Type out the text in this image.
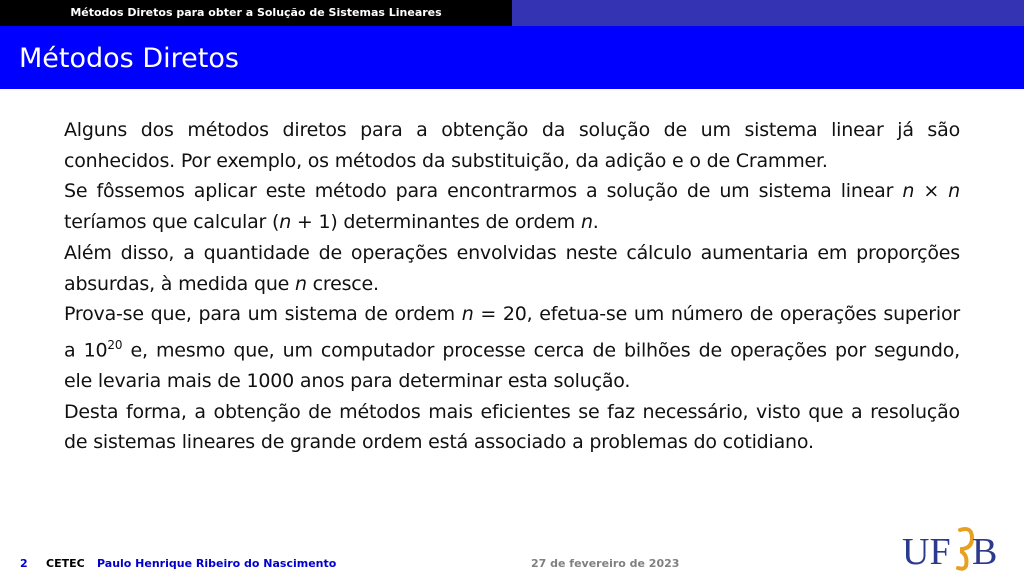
Métodos Diretos para obter a Solução de Sistemas Lineares
Métodos Diretos

Alguns dos métodos diretos para a obtenção da solução de um sistema linear já são conhecidos. Por exemplo, os métodos da substituição, da adição e o de Crammer.

Se fôssemos aplicar este método para encontrarmos a solução de um sistema linear n × n teríamos que calcular (n + 1) determinantes de ordem n.

Além disso, a quantidade de operações envolvidas neste cálculo aumentaria em proporções absurdas, à medida que n cresce.

Prova-se que, para um sistema de ordem n = 20, efetua-se um número de operações superior a $10^{20}$ e, mesmo que, um computador processe cerca de bilhões de operações por segundo, ele levaria mais de 1000 anos para determinar esta solução.

Desta forma, a obtenção de métodos mais eficientes se faz necessário, visto que a resolução de sistemas lineares de grande ordem está associado a problemas do cotidiano.

2 CETEC Paulo Henrique Ribeiro do Nascimento	27 de fevereiro de 2023	UF B
